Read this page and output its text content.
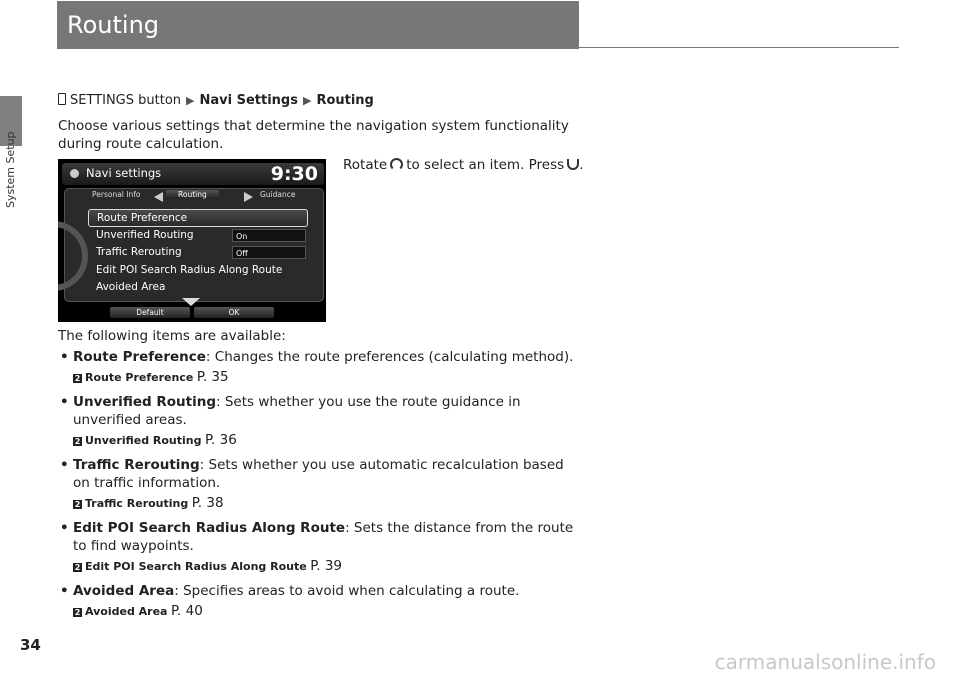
System Setup
Routing
SETTINGS button ▶ Navi Settings ▶ Routing
Choose various settings that determine the navigation system functionality during route calculation.
Rotate to select an item. Press .
Navi settings	9:30
Personal Info	Routing	Guidance
Route Preference
Unverified Routing	On
Traffic Rerouting	Off
Edit POI Search Radius Along Route
Avoided Area
Default	OK
The following items are available:
• Route Preference: Changes the route preferences (calculating method).
2 Route Preference P. 35
• Unverified Routing: Sets whether you use the route guidance in unverified areas.
2 Unverified Routing P. 36
• Traffic Rerouting: Sets whether you use automatic recalculation based on traffic information.
2 Traffic Rerouting P. 38
• Edit POI Search Radius Along Route: Sets the distance from the route to find waypoints.
2 Edit POI Search Radius Along Route P. 39
• Avoided Area: Specifies areas to avoid when calculating a route.
2 Avoided Area P. 40
34
carmanualsonline.info
